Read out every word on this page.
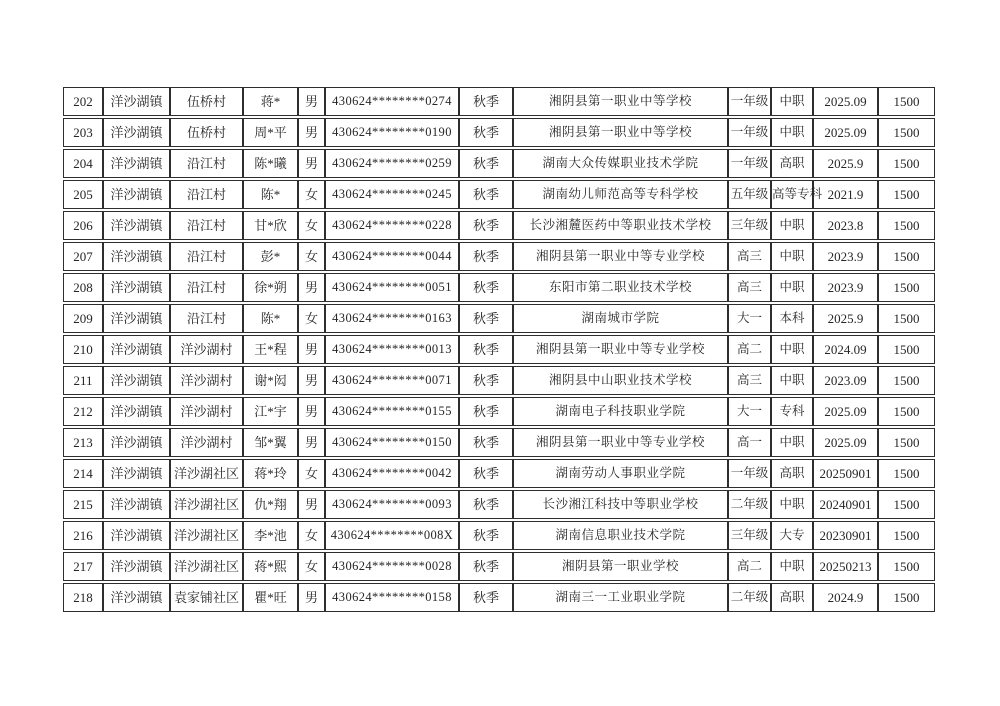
202	洋沙湖镇	伍桥村	蒋*	男	430624********0274	秋季	湘阴县第一职业中等学校	一年级	中职	2025.09	1500
203	洋沙湖镇	伍桥村	周*平	男	430624********0190	秋季	湘阴县第一职业中等学校	一年级	中职	2025.09	1500
204	洋沙湖镇	沿江村	陈*曦	男	430624********0259	秋季	湖南大众传媒职业技术学院	一年级	高职	2025.9	1500
205	洋沙湖镇	沿江村	陈*	女	430624********0245	秋季	湖南幼儿师范高等专科学校	五年级	高等专科	2021.9	1500
206	洋沙湖镇	沿江村	甘*欣	女	430624********0228	秋季	长沙湘麓医药中等职业技术学校	三年级	中职	2023.8	1500
207	洋沙湖镇	沿江村	彭*	女	430624********0044	秋季	湘阴县第一职业中等专业学校	高三	中职	2023.9	1500
208	洋沙湖镇	沿江村	徐*朔	男	430624********0051	秋季	东阳市第二职业技术学校	高三	中职	2023.9	1500
209	洋沙湖镇	沿江村	陈*	女	430624********0163	秋季	湖南城市学院	大一	本科	2025.9	1500
210	洋沙湖镇	洋沙湖村	王*程	男	430624********0013	秋季	湘阴县第一职业中等专业学校	高二	中职	2024.09	1500
211	洋沙湖镇	洋沙湖村	谢*闳	男	430624********0071	秋季	湘阴县中山职业技术学校	高三	中职	2023.09	1500
212	洋沙湖镇	洋沙湖村	江*宇	男	430624********0155	秋季	湖南电子科技职业学院	大一	专科	2025.09	1500
213	洋沙湖镇	洋沙湖村	邹*翼	男	430624********0150	秋季	湘阴县第一职业中等专业学校	高一	中职	2025.09	1500
214	洋沙湖镇	洋沙湖社区	蒋*玲	女	430624********0042	秋季	湖南劳动人事职业学院	一年级	高职	20250901	1500
215	洋沙湖镇	洋沙湖社区	仇*翔	男	430624********0093	秋季	长沙湘江科技中等职业学校	二年级	中职	20240901	1500
216	洋沙湖镇	洋沙湖社区	李*池	女	430624********008X	秋季	湖南信息职业技术学院	三年级	大专	20230901	1500
217	洋沙湖镇	洋沙湖社区	蒋*熙	女	430624********0028	秋季	湘阴县第一职业学校	高二	中职	20250213	1500
218	洋沙湖镇	袁家铺社区	瞿*旺	男	430624********0158	秋季	湖南三一工业职业学院	二年级	高职	2024.9	1500
